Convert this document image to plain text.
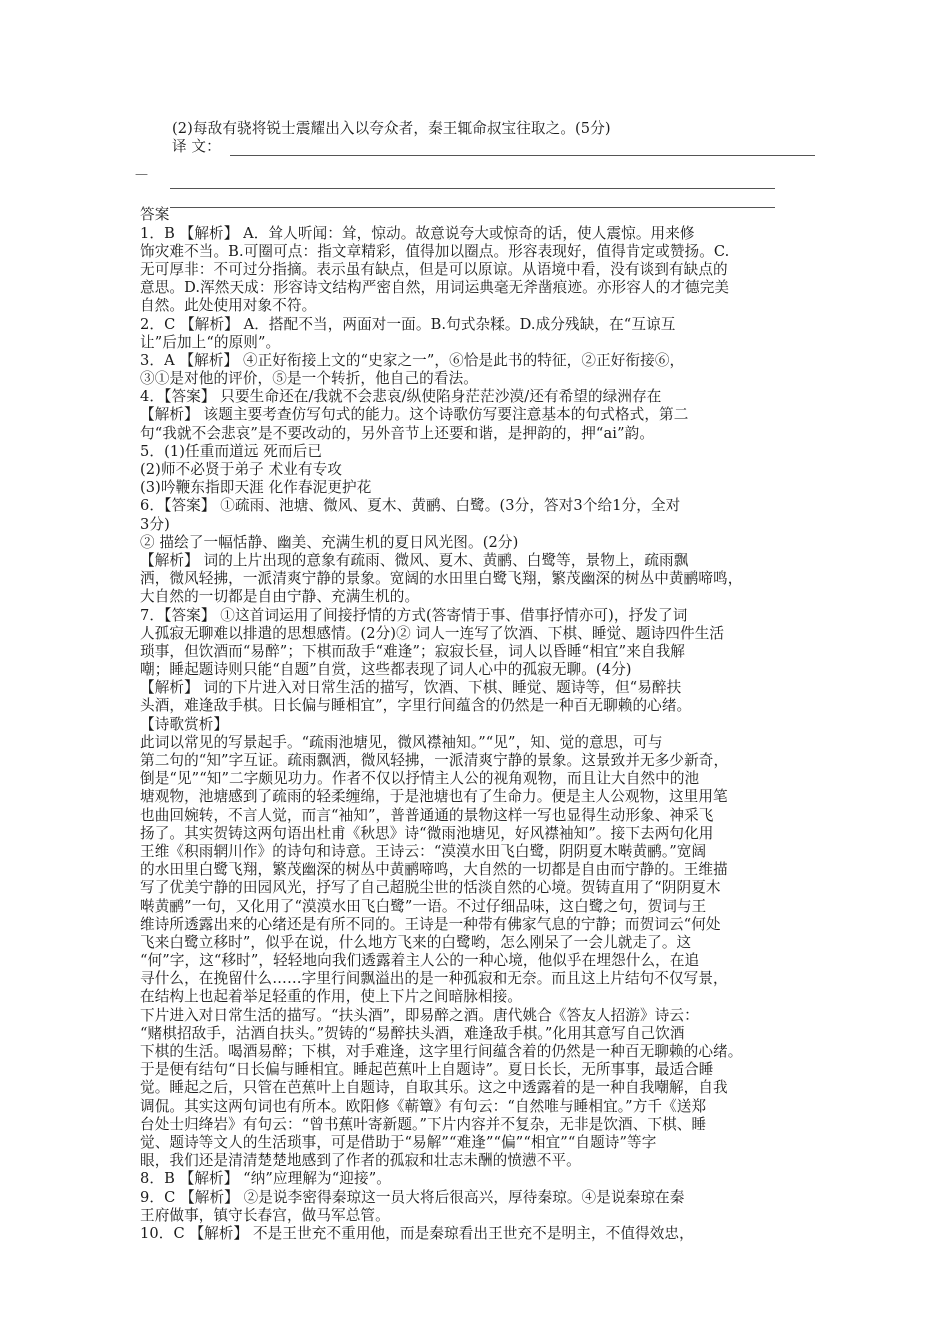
(2)每敌有骁将锐士震耀出入以夸众者，秦王辄命叔宝往取之。(5分)
译 文：
答案
1．B 【解析】 A．耸人听闻：耸，惊动。故意说夸大或惊奇的话，使人震惊。用来修
饰灾难不当。B.可圈可点：指文章精彩，值得加以圈点。形容表现好，值得肯定或赞扬。C.
无可厚非：不可过分指摘。表示虽有缺点，但是可以原谅。从语境中看，没有谈到有缺点的
意思。D.浑然天成：形容诗文结构严密自然，用词运典毫无斧凿痕迹。亦形容人的才德完美
自然。此处使用对象不符。
2．C 【解析】 A．搭配不当，两面对一面。B.句式杂糅。D.成分残缺，在“互谅互
让”后加上“的原则”。
3．A 【解析】 ④正好衔接上文的“史家之一”，⑥恰是此书的特征，②正好衔接⑥，
③①是对他的评价，⑤是一个转折，他自己的看法。
4．【答案】 只要生命还在/我就不会悲哀/纵使陷身茫茫沙漠/还有希望的绿洲存在
【解析】 该题主要考查仿写句式的能力。这个诗歌仿写要注意基本的句式格式，第二
句“我就不会悲哀”是不要改动的，另外音节上还要和谐，是押韵的，押“ai”韵。
5．(1)任重而道远 死而后已
(2)师不必贤于弟子 术业有专攻
(3)吟鞭东指即天涯 化作春泥更护花
6．【答案】 ①疏雨、池塘、微风、夏木、黄鹂、白鹭。(3分，答对3个给1分，全对
3分)
② 描绘了一幅恬静、幽美、充满生机的夏日风光图。(2分)
【解析】 词的上片出现的意象有疏雨、微风、夏木、黄鹂、白鹭等，景物上，疏雨飘
洒，微风轻拂，一派清爽宁静的景象。宽阔的水田里白鹭飞翔，繁茂幽深的树丛中黄鹂啼鸣，
大自然的一切都是自由宁静、充满生机的。
7．【答案】 ①这首词运用了间接抒情的方式(答寄情于事、借事抒情亦可)，抒发了词
人孤寂无聊难以排遣的思想感情。(2分)② 词人一连写了饮酒、下棋、睡觉、题诗四件生活
琐事，但饮酒而“易醉”；下棋而敌手“难逢”；寂寂长昼，词人以昏睡“相宜”来自我解
嘲；睡起题诗则只能“自题”自赏，这些都表现了词人心中的孤寂无聊。(4分)
【解析】 词的下片进入对日常生活的描写，饮酒、下棋、睡觉、题诗等，但“易醉扶
头酒，难逢敌手棋。日长偏与睡相宜”，字里行间蕴含的仍然是一种百无聊赖的心绪。
【诗歌赏析】
此词以常见的写景起手。“疏雨池塘见，微风襟袖知。”“见”，知、觉的意思，可与
第二句的“知”字互证。疏雨飘洒，微风轻拂，一派清爽宁静的景象。这景致并无多少新奇，
倒是“见”“知”二字颇见功力。作者不仅以抒情主人公的视角观物，而且让大自然中的池
塘观物，池塘感到了疏雨的轻柔缠绵，于是池塘也有了生命力。便是主人公观物，这里用笔
也曲回婉转，不言人觉，而言“袖知”，普普通通的景物这样一写也显得生动形象、神采飞
扬了。其实贺铸这两句语出杜甫《秋思》诗“微雨池塘见，好风襟袖知”。接下去两句化用
王维《积雨辋川作》的诗句和诗意。王诗云：“漠漠水田飞白鹭，阴阴夏木啭黄鹂。”宽阔
的水田里白鹭飞翔，繁茂幽深的树丛中黄鹂啼鸣，大自然的一切都是自由而宁静的。王维描
写了优美宁静的田园风光，抒写了自己超脱尘世的恬淡自然的心境。贺铸直用了“阴阴夏木
啭黄鹂”一句，又化用了“漠漠水田飞白鹭”一语。不过仔细品味，这白鹭之句，贺词与王
维诗所透露出来的心绪还是有所不同的。王诗是一种带有佛家气息的宁静；而贺词云“何处
飞来白鹭立移时”，似乎在说，什么地方飞来的白鹭哟，怎么刚呆了一会儿就走了。这
“何”字，这“移时”，轻轻地向我们透露着主人公的一种心境，他似乎在埋怨什么，在追
寻什么，在挽留什么……字里行间飘溢出的是一种孤寂和无奈。而且这上片结句不仅写景，
在结构上也起着举足轻重的作用，使上下片之间暗脉相接。
下片进入对日常生活的描写。“扶头酒”，即易醉之酒。唐代姚合《答友人招游》诗云：
“赌棋招敌手，沽酒自扶头。”贺铸的“易醉扶头酒，难逢敌手棋。”化用其意写自己饮酒
下棋的生活。喝酒易醉；下棋，对手难逢，这字里行间蕴含着的仍然是一种百无聊赖的心绪。
于是便有结句“日长偏与睡相宜。睡起芭蕉叶上自题诗”。夏日长长，无所事事，最适合睡
觉。睡起之后，只管在芭蕉叶上自题诗，自取其乐。这之中透露着的是一种自我嘲解，自我
调侃。其实这两句词也有所本。欧阳修《蕲簟》有句云：“自然唯与睡相宜。”方千《送郑
台处士归绛岩》有句云：“曾书蕉叶寄新题。”下片内容并不复杂，无非是饮酒、下棋、睡
觉、题诗等文人的生活琐事，可是借助于“易解”“难逢”“偏”“相宜”“自题诗”等字
眼，我们还是清清楚楚地感到了作者的孤寂和壮志未酬的愤懑不平。
8．B 【解析】 “纳”应理解为“迎接”。
9．C 【解析】 ②是说李密得秦琼这一员大将后很高兴，厚待秦琼。④是说秦琼在秦
王府做事，镇守长春宫，做马军总管。
10．C 【解析】 不是王世充不重用他，而是秦琼看出王世充不是明主，不值得效忠，
—
